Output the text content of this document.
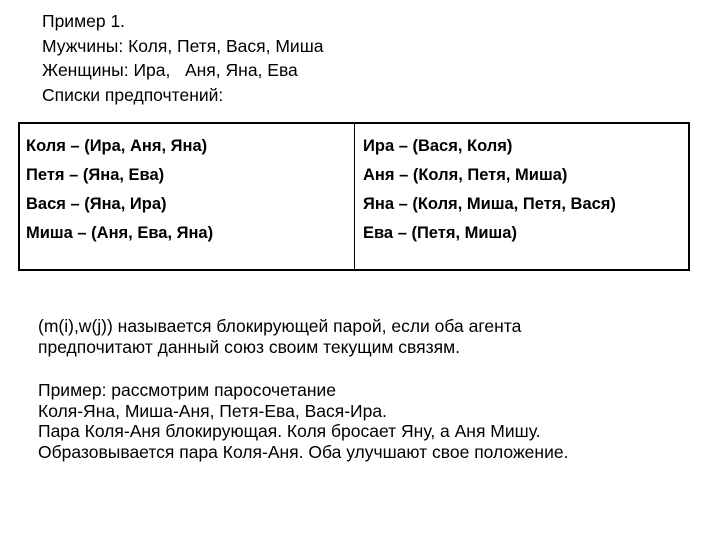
Пример 1.
Мужчины: Коля, Петя, Вася, Миша
Женщины: Ира,   Аня, Яна, Ева
Списки предпочтений:
Коля – (Ира, Аня, Яна)
Петя – (Яна, Ева)
Вася – (Яна, Ира)
Миша – (Аня, Ева, Яна)
Ира – (Вася, Коля)
Аня – (Коля, Петя, Миша)
Яна – (Коля, Миша, Петя, Вася)
Ева – (Петя, Миша)
(m(i),w(j)) называется блокирующей парой, если оба агента
предпочитают данный союз своим текущим связям.
Пример: рассмотрим паросочетание
Коля-Яна, Миша-Аня, Петя-Ева, Вася-Ира.
Пара Коля-Аня блокирующая. Коля бросает Яну, а Аня Мишу.
Образовывается пара Коля-Аня. Оба улучшают свое положение.
